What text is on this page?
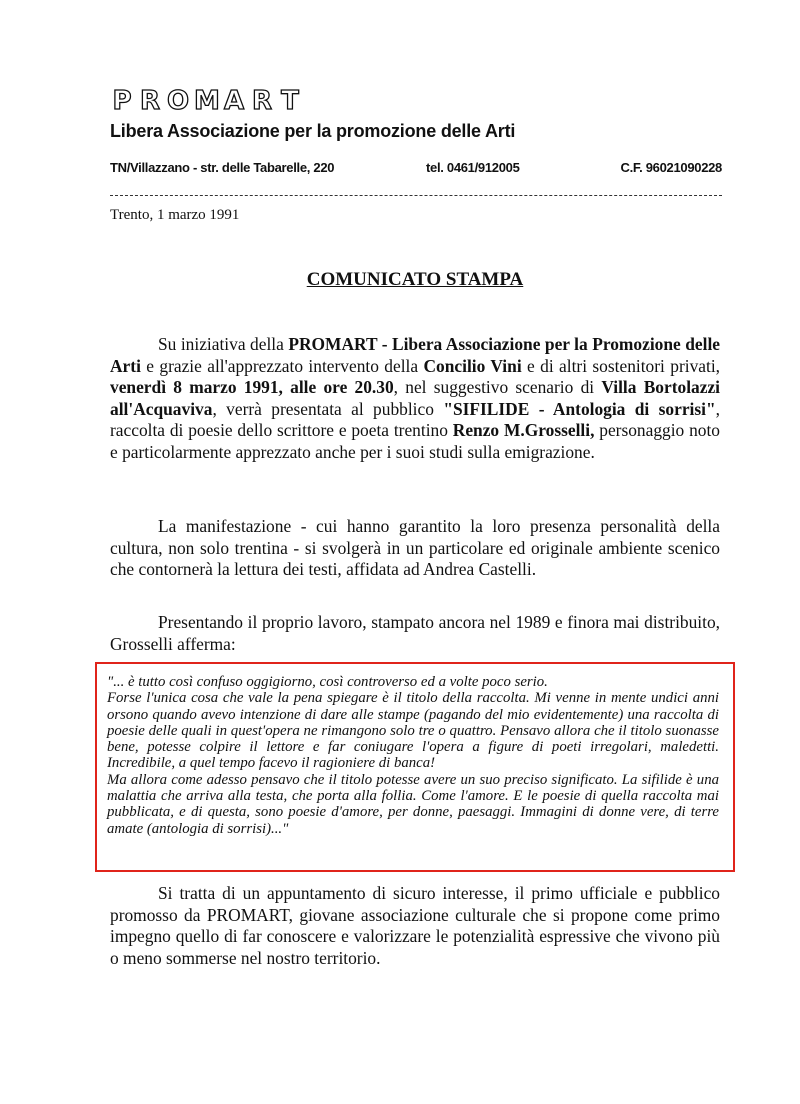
P R O M A R T
Libera Associazione per la promozione delle Arti
TN/Villazzano - str. delle Tabarelle, 220	tel. 0461/912005	C.F. 96021090228
Trento, 1 marzo 1991
COMUNICATO STAMPA

Su iniziativa della PROMART - Libera Associazione per la Promozione delle Arti e grazie all'apprezzato intervento della Concilio Vini e di altri sostenitori privati, venerdì 8 marzo 1991, alle ore 20.30, nel suggestivo scenario di Villa Bortolazzi all'Acquaviva, verrà presentata al pubblico "SIFILIDE - Antologia di sorrisi", raccolta di poesie dello scrittore e poeta trentino Renzo M.Grosselli, personaggio noto e particolarmente apprezzato anche per i suoi studi sulla emigrazione.

La manifestazione - cui hanno garantito la loro presenza personalità della cultura, non solo trentina - si svolgerà in un particolare ed originale ambiente scenico che contornerà la lettura dei testi, affidata ad Andrea Castelli.

Presentando il proprio lavoro, stampato ancora nel 1989 e finora mai distribuito, Grosselli afferma:

"... è tutto così confuso oggigiorno, così controverso ed a volte poco serio.
Forse l'unica cosa che vale la pena spiegare è il titolo della raccolta. Mi venne in mente undici anni orsono quando avevo intenzione di dare alle stampe (pagando del mio evidentemente) una raccolta di poesie delle quali in quest'opera ne rimangono solo tre o quattro. Pensavo allora che il titolo suonasse bene, potesse colpire il lettore e far coniugare l'opera a figure di poeti irregolari, maledetti. Incredibile, a quel tempo facevo il ragioniere di banca!
Ma allora come adesso pensavo che il titolo potesse avere un suo preciso significato. La sifilide è una malattia che arriva alla testa, che porta alla follia. Come l'amore. E le poesie di quella raccolta mai pubblicata, e di questa, sono poesie d'amore, per donne, paesaggi. Immagini di donne vere, di terre amate (antologia di sorrisi)..."

Si tratta di un appuntamento di sicuro interesse, il primo ufficiale e pubblico promosso da PROMART, giovane associazione culturale che si propone come primo impegno quello di far conoscere e valorizzare le potenzialità espressive che vivono più o meno sommerse nel nostro territorio.
